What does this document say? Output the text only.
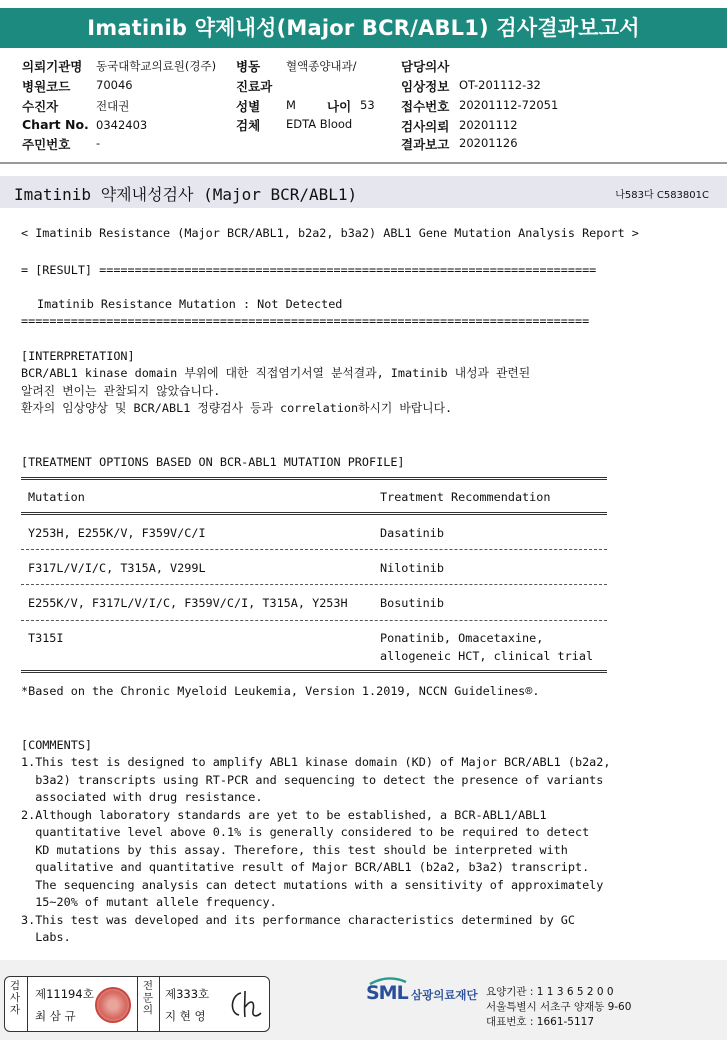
Imatinib 약제내성(Major BCR/ABL1) 검사결과보고서
의뢰기관명 동국대학교의료원(경주)
병원코드 70046
수진자	전대권
Chart No. 0342403
주민번호 -
병동 혈액종양내과/
진료과
성별 M 나이 53
검체 EDTA Blood
담당의사
임상정보 OT-201112-32
접수번호 20201112-72051
검사의뢰 20201112
결과보고 20201126
Imatinib 약제내성검사 (Major BCR/ABL1)	나583다 C583801C
< Imatinib Resistance (Major BCR/ABL1, b2a2, b3a2) ABL1 Gene Mutation Analysis Report >
= [RESULT] ======================================================================
Imatinib Resistance Mutation : Not Detected
================================================================================
[INTERPRETATION]
BCR/ABL1 kinase domain 부위에 대한 직접염기서열 분석결과, Imatinib 내성과 관련된
알려진 변이는 관찰되지 않았습니다.
환자의 임상양상 및 BCR/ABL1 정량검사 등과 correlation하시기 바랍니다.
[TREATMENT OPTIONS BASED ON BCR-ABL1 MUTATION PROFILE]
Mutation	Treatment Recommendation
Y253H, E255K/V, F359V/C/I	Dasatinib
F317L/V/I/C, T315A, V299L	Nilotinib
E255K/V, F317L/V/I/C, F359V/C/I, T315A, Y253H	Bosutinib
T315I	Ponatinib, Omacetaxine,
allogeneic HCT, clinical trial
*Based on the Chronic Myeloid Leukemia, Version 1.2019, NCCN Guidelines®.
[COMMENTS]
1.This test is designed to amplify ABL1 kinase domain (KD) of Major BCR/ABL1 (b2a2,
b3a2) transcripts using RT-PCR and sequencing to detect the presence of variants
associated with drug resistance.
2.Although laboratory standards are yet to be established, a BCR-ABL1/ABL1
quantitative level above 0.1% is generally considered to be required to detect
KD mutations by this assay. Therefore, this test should be interpreted with
qualitative and quantitative result of Major BCR/ABL1 (b2a2, b3a2) transcript.
The sequencing analysis can detect mutations with a sensitivity of approximately
15~20% of mutant allele frequency.
3.This test was developed and its performance characteristics determined by GC
Labs.
검
사
자
제11194호
최 삼 규
전
문
의
제333호
지 현 영
SML 삼광의료재단 요양기관 : 1 1 3 6 5 2 0 0
서울특별시 서초구 양재동 9-60
대표번호 : 1661-5117
